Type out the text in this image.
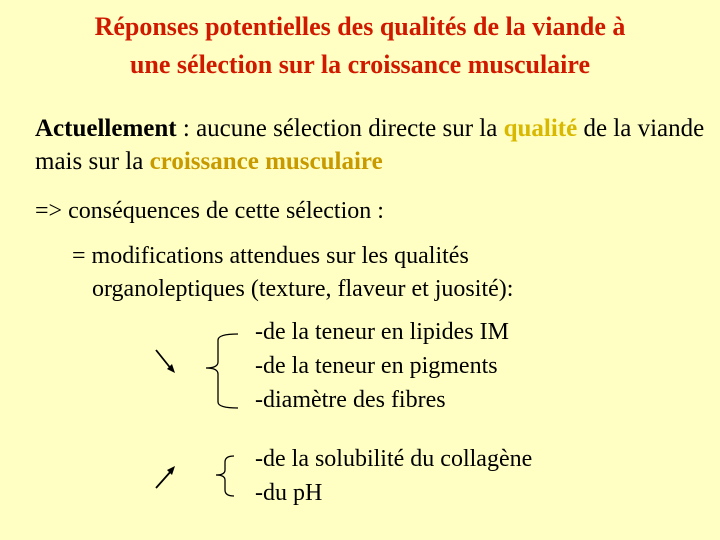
Réponses potentielles des qualités de la viande à
une sélection sur la croissance musculaire
Actuellement : aucune sélection directe sur la qualité de la viande mais sur la croissance musculaire
=> conséquences de cette sélection :
= modifications attendues sur les qualités
organoleptiques (texture, flaveur et juosité):
-de la teneur en lipides IM
-de la teneur en pigments
-diamètre des fibres
-de la solubilité du collagène
-du pH
